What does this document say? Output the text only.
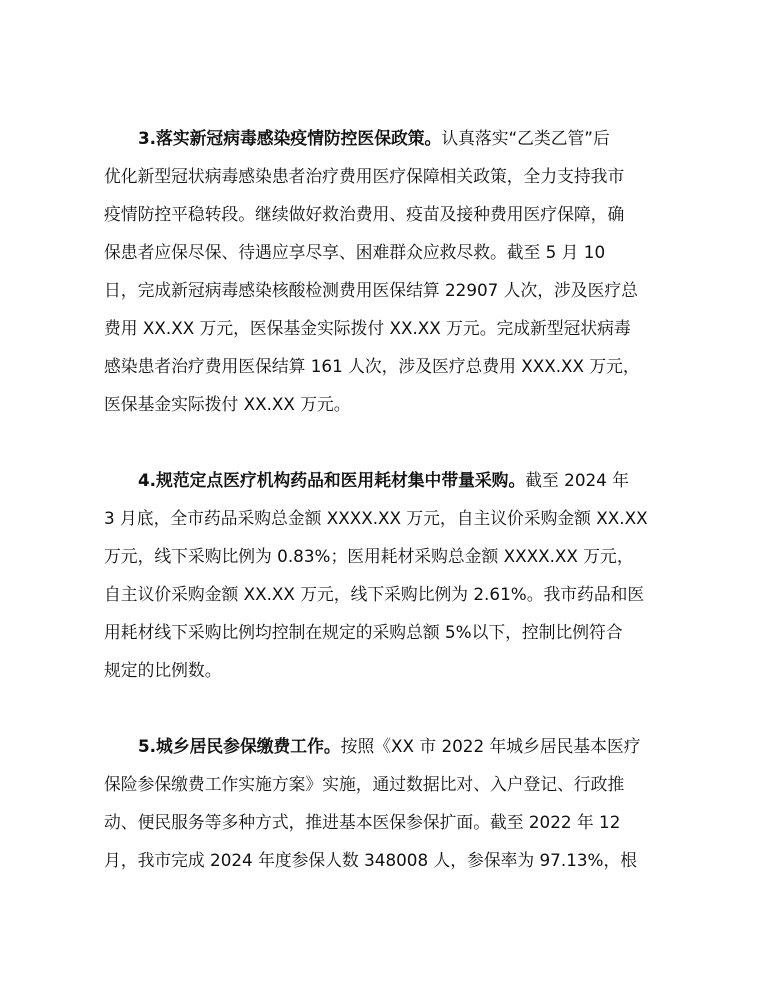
3.落实新冠病毒感染疫情防控医保政策。认真落实“乙类乙管”后
优化新型冠状病毒感染患者治疗费用医疗保障相关政策，全力支持我市
疫情防控平稳转段。继续做好救治费用、疫苗及接种费用医疗保障，确
保患者应保尽保、待遇应享尽享、困难群众应救尽救。截至 5 月 10
日，完成新冠病毒感染核酸检测费用医保结算 22907 人次，涉及医疗总
费用 XX.XX 万元，医保基金实际拨付 XX.XX 万元。完成新型冠状病毒
感染患者治疗费用医保结算 161 人次，涉及医疗总费用 XXX.XX 万元，
医保基金实际拨付 XX.XX 万元。
4.规范定点医疗机构药品和医用耗材集中带量采购。截至 2024 年
3 月底，全市药品采购总金额 XXXX.XX 万元，自主议价采购金额 XX.XX
万元，线下采购比例为 0.83%；医用耗材采购总金额 XXXX.XX 万元，
自主议价采购金额 XX.XX 万元，线下采购比例为 2.61%。我市药品和医
用耗材线下采购比例均控制在规定的采购总额 5%以下，控制比例符合
规定的比例数。
5.城乡居民参保缴费工作。按照《XX 市 2022 年城乡居民基本医疗
保险参保缴费工作实施方案》实施，通过数据比对、入户登记、行政推
动、便民服务等多种方式，推进基本医保参保扩面。截至 2022 年 12
月，我市完成 2024 年度参保人数 348008 人，参保率为 97.13%，根
